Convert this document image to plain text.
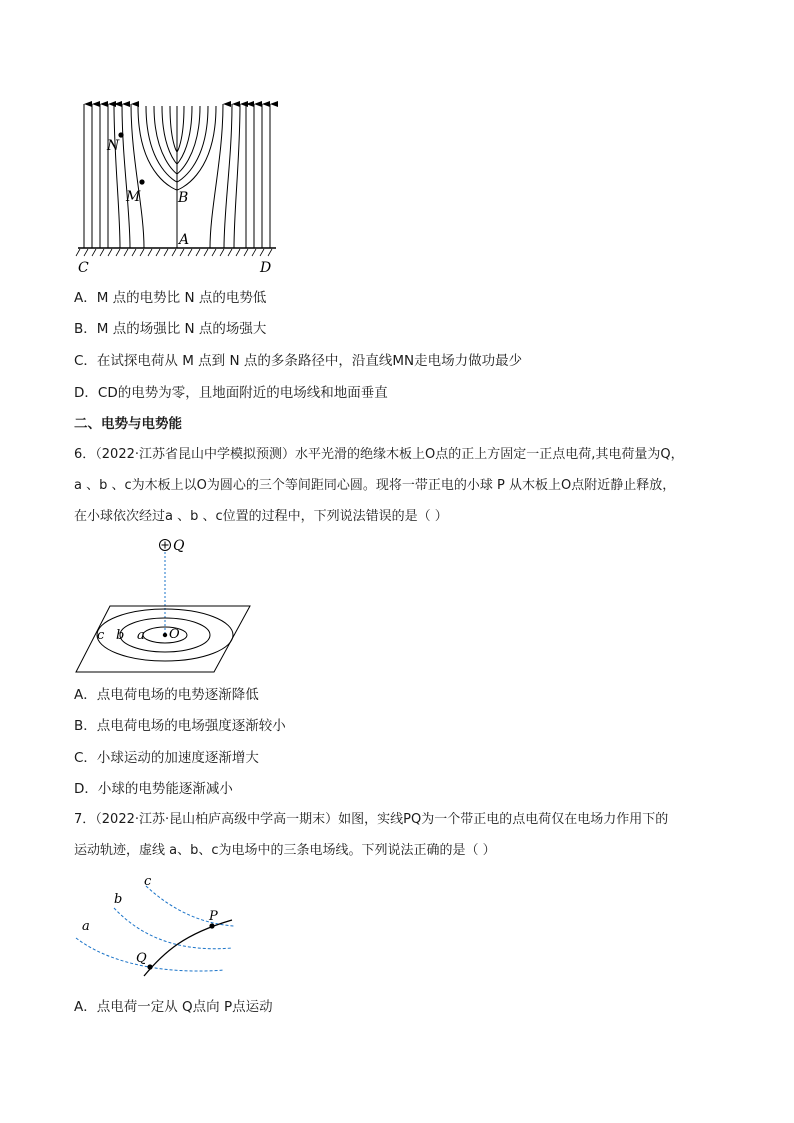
N
M	B
A
C	D
A．M 点的电势比 N 点的电势低
B．M 点的场强比 N 点的场强大
C．在试探电荷从 M 点到 N 点的多条路径中，沿直线MN走电场力做功最少
D．CD的电势为零，且地面附近的电场线和地面垂直
二、电势与电势能
6．（2022·江苏省昆山中学模拟预测）水平光滑的绝缘木板上O点的正上方固定一正点电荷,其电荷量为Q，
a 、b 、c为木板上以O为圆心的三个等间距同心圆。现将一带正电的小球 P 从木板上O点附近静止释放，
在小球依次经过a 、b 、c位置的过程中，下列说法错误的是（ ）
Q
c b a O
A．点电荷电场的电势逐渐降低
B．点电荷电场的电场强度逐渐较小
C．小球运动的加速度逐渐增大
D．小球的电势能逐渐减小
7．（2022·江苏·昆山柏庐高级中学高一期末）如图，实线PQ为一个带正电的点电荷仅在电场力作用下的
运动轨迹，虚线 a、b、c为电场中的三条电场线。下列说法正确的是（ ）
a
b
c
P
Q
A．点电荷一定从 Q点向 P点运动
